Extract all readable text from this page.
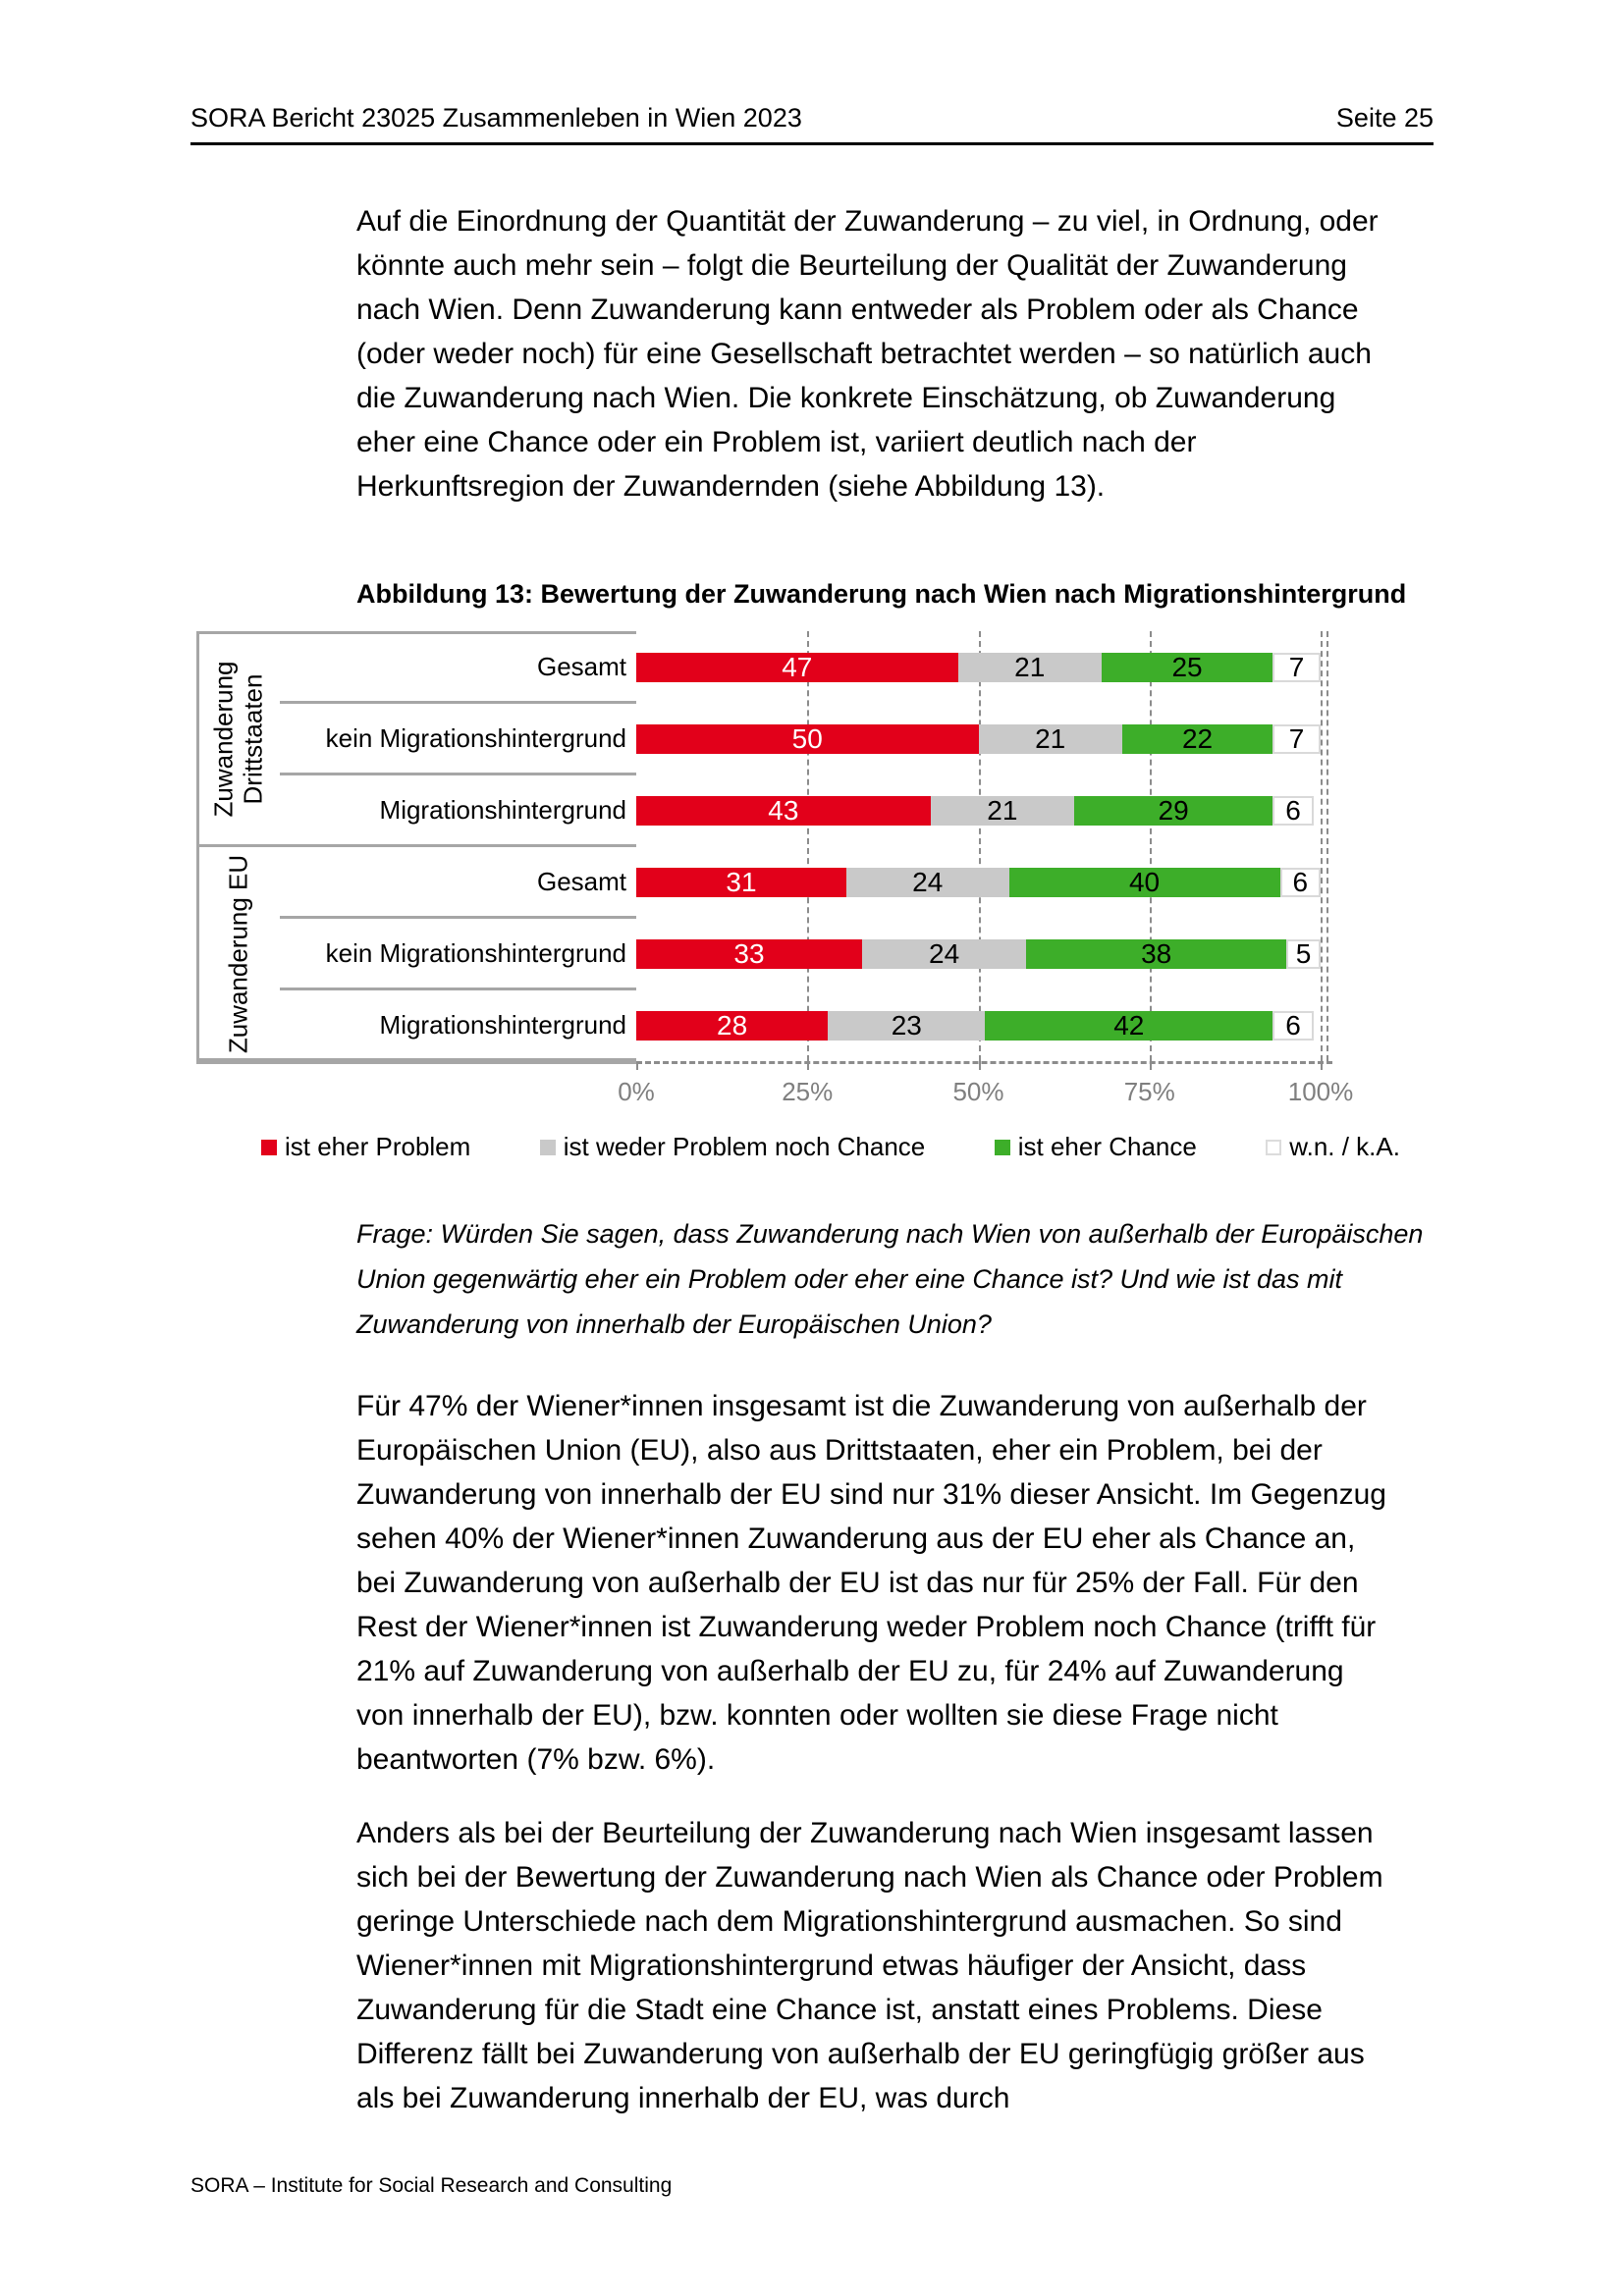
SORA Bericht 23025 Zusammenleben in Wien 2023	Seite 25

Auf die Einordnung der Quantität der Zuwanderung – zu viel, in Ordnung, oder könnte auch mehr sein – folgt die Beurteilung der Qualität der Zuwanderung nach Wien. Denn Zuwanderung kann entweder als Problem oder als Chance (oder weder noch) für eine Gesellschaft betrachtet werden – so natürlich auch die Zuwanderung nach Wien. Die konkrete Einschätzung, ob Zuwanderung eher eine Chance oder ein Problem ist, variiert deutlich nach der Herkunftsregion der Zuwandernden (siehe Abbildung 13).

Abbildung 13: Bewertung der Zuwanderung nach Wien nach Migrationshintergrund
Zuwanderung Drittstaaten
Gesamt	47	21	25	7
kein Migrationshintergrund	50	21	22	7
Migrationshintergrund	43	21	29	6
Zuwanderung EU	Gesamt	31	24	40	6
kein Migrationshintergrund	33	24	38	5
Migrationshintergrund	28	23	42	6
0%	25%	50%	75%	100%
ist eher Problem	ist weder Problem noch Chance	ist eher Chance	w.n. / k.A.

Frage: Würden Sie sagen, dass Zuwanderung nach Wien von außerhalb der Europäischen Union gegenwärtig eher ein Problem oder eher eine Chance ist? Und wie ist das mit Zuwanderung von innerhalb der Europäischen Union?

Für 47% der Wiener*innen insgesamt ist die Zuwanderung von außerhalb der Europäischen Union (EU), also aus Drittstaaten, eher ein Problem, bei der Zuwanderung von innerhalb der EU sind nur 31% dieser Ansicht. Im Gegenzug sehen 40% der Wiener*innen Zuwanderung aus der EU eher als Chance an, bei Zuwanderung von außerhalb der EU ist das nur für 25% der Fall. Für den Rest der Wiener*innen ist Zuwanderung weder Problem noch Chance (trifft für 21% auf Zuwanderung von außerhalb der EU zu, für 24% auf Zuwanderung von innerhalb der EU), bzw. konnten oder wollten sie diese Frage nicht beantworten (7% bzw. 6%).

Anders als bei der Beurteilung der Zuwanderung nach Wien insgesamt lassen sich bei der Bewertung der Zuwanderung nach Wien als Chance oder Problem geringe Unterschiede nach dem Migrationshintergrund ausmachen. So sind Wiener*innen mit Migrationshintergrund etwas häufiger der Ansicht, dass Zuwanderung für die Stadt eine Chance ist, anstatt eines Problems. Diese Differenz fällt bei Zuwanderung von außerhalb der EU geringfügig größer aus als bei Zuwanderung innerhalb der EU, was durch

SORA – Institute for Social Research and Consulting
